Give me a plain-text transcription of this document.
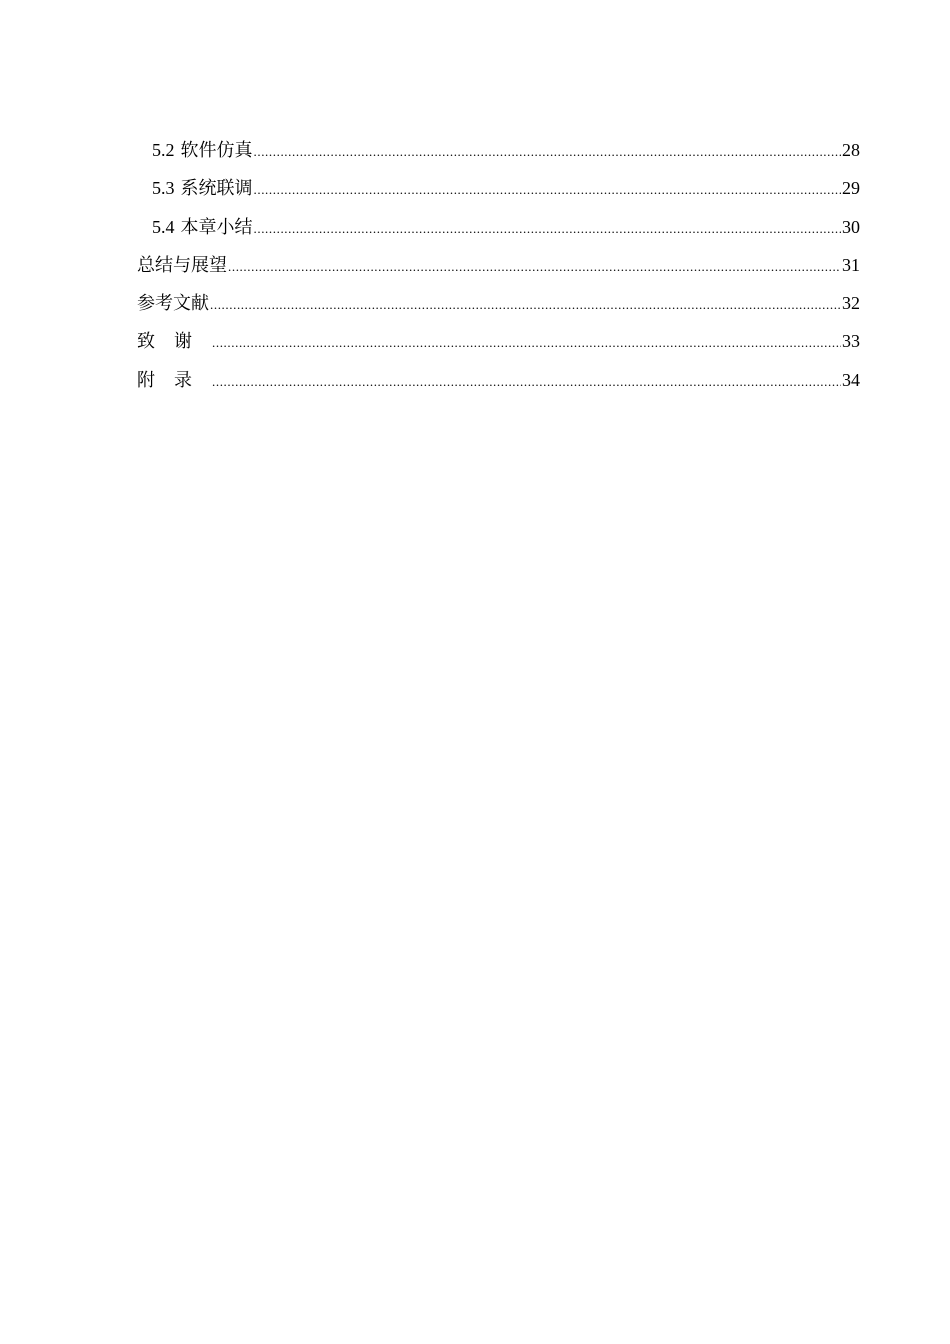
5.2 软件仿真 .....	28
5.3 系统联调 .....	29
5.4 本章小结 .....	30
总结与展望 .....	31
参考文献 .....	32
致谢 .....	33
附录 .....	34
